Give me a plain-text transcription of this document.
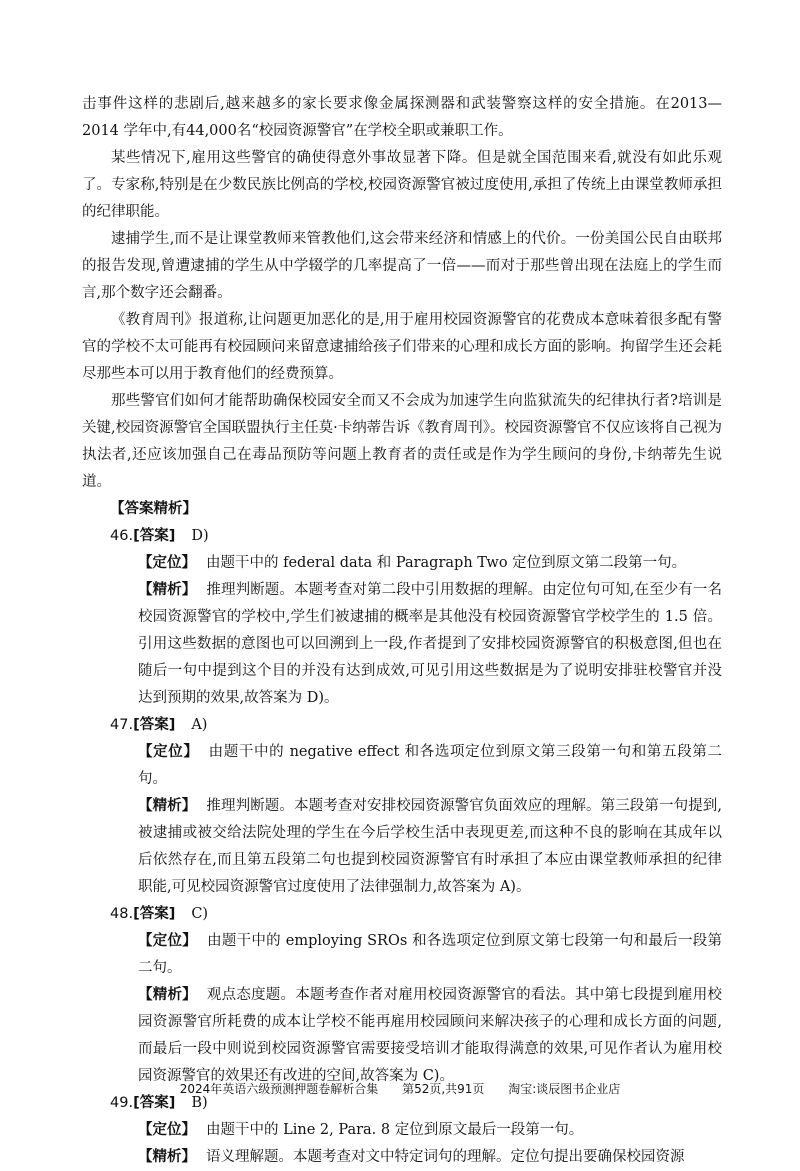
击事件这样的悲剧后,越来越多的家长要求像金属探测器和武装警察这样的安全措施。在2013—2014 学年中,有44,000名“校园资源警官”在学校全职或兼职工作。

某些情况下,雇用这些警官的确使得意外事故显著下降。但是就全国范围来看,就没有如此乐观了。专家称,特别是在少数民族比例高的学校,校园资源警官被过度使用,承担了传统上由课堂教师承担的纪律职能。

逮捕学生,而不是让课堂教师来管教他们,这会带来经济和情感上的代价。一份美国公民自由联邦的报告发现,曾遭逮捕的学生从中学辍学的几率提高了一倍——而对于那些曾出现在法庭上的学生而言,那个数字还会翻番。

《教育周刊》报道称,让问题更加恶化的是,用于雇用校园资源警官的花费成本意味着很多配有警官的学校不太可能再有校园顾问来留意逮捕给孩子们带来的心理和成长方面的影响。拘留学生还会耗尽那些本可以用于教育他们的经费预算。

那些警官们如何才能帮助确保校园安全而又不会成为加速学生向监狱流失的纪律执行者?培训是关键,校园资源警官全国联盟执行主任莫·卡纳蒂告诉《教育周刊》。校园资源警官不仅应该将自己视为执法者,还应该加强自己在毒品预防等问题上教育者的责任或是作为学生顾问的身份,卡纳蒂先生说道。

【答案精析】

46.[答案] D)
【定位】 由题干中的 federal data 和 Paragraph Two 定位到原文第二段第一句。
【精析】 推理判断题。本题考查对第二段中引用数据的理解。由定位句可知,在至少有一名校园资源警官的学校中,学生们被逮捕的概率是其他没有校园资源警官学校学生的 1.5 倍。引用这些数据的意图也可以回溯到上一段,作者提到了安排校园资源警官的积极意图,但也在随后一句中提到这个目的并没有达到成效,可见引用这些数据是为了说明安排驻校警官并没达到预期的效果,故答案为 D)。
47.[答案] A)
【定位】 由题干中的 negative effect 和各选项定位到原文第三段第一句和第五段第二句。
【精析】 推理判断题。本题考查对安排校园资源警官负面效应的理解。第三段第一句提到,被逮捕或被交给法院处理的学生在今后学校生活中表现更差,而这种不良的影响在其成年以后依然存在,而且第五段第二句也提到校园资源警官有时承担了本应由课堂教师承担的纪律职能,可见校园资源警官过度使用了法律强制力,故答案为 A)。
48.[答案] C)
【定位】 由题干中的 employing SROs 和各选项定位到原文第七段第一句和最后一段第二句。
【精析】 观点态度题。本题考查作者对雇用校园资源警官的看法。其中第七段提到雇用校园资源警官所耗费的成本让学校不能再雇用校园顾问来解决孩子的心理和成长方面的问题,而最后一段中则说到校园资源警官需要接受培训才能取得满意的效果,可见作者认为雇用校园资源警官的效果还有改进的空间,故答案为 C)。
49.[答案] B)
【定位】 由题干中的 Line 2, Para. 8 定位到原文最后一段第一句。
【精析】 语义理解题。本题考查对文中特定词句的理解。定位句提出要确保校园资源
2024年英语六级预测押题卷解析合集 第52页,共91页 淘宝:谈辰图书企业店
